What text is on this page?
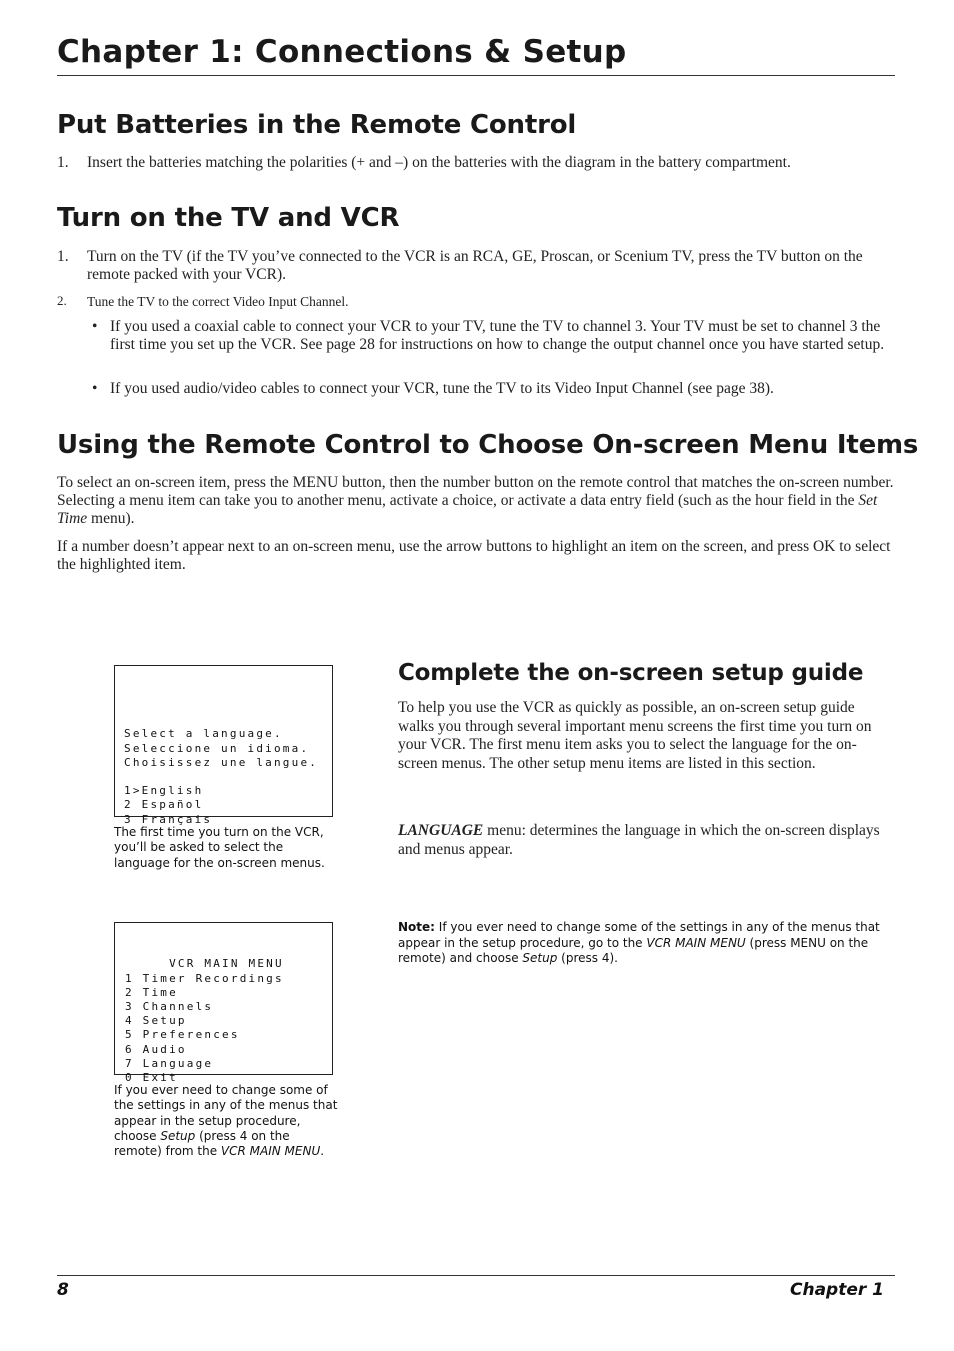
Chapter 1: Connections & Setup
Put Batteries in the Remote Control
1. Insert the batteries matching the polarities (+ and –) on the batteries with the diagram in the battery compartment.
Turn on the TV and VCR
1. Turn on the TV (if the TV you’ve connected to the VCR is an RCA, GE, Proscan, or Scenium TV, press the TV button on the remote packed with your VCR).
2. Tune the TV to the correct Video Input Channel.
• If you used a coaxial cable to connect your VCR to your TV, tune the TV to channel 3. Your TV must be set to channel 3 the first time you set up the VCR. See page 28 for instructions on how to change the output channel once you have started setup.
• If you used audio/video cables to connect your VCR, tune the TV to its Video Input Channel (see page 38).
Using the Remote Control to Choose On-screen Menu Items

To select an on-screen item, press the MENU button, then the number button on the remote control that matches the on-screen number. Selecting a menu item can take you to another menu, activate a choice, or activate a data entry field (such as the hour field in the Set Time menu).

If a number doesn’t appear next to an on-screen menu, use the arrow buttons to highlight an item on the screen, and press OK to select the highlighted item.

Select a language.
Seleccione un idioma.
Choisissez une langue.
1>English
2 Español
3 Français

The first time you turn on the VCR, you’ll be asked to select the language for the on-screen menus.

VCR MAIN MENU
1 Timer Recordings
2 Time
3 Channels
4 Setup
5 Preferences
6 Audio
7 Language
0 Exit

If you ever need to change some of the settings in any of the menus that appear in the setup procedure, choose Setup (press 4 on the remote) from the VCR MAIN MENU.
Complete the on-screen setup guide
To help you use the VCR as quickly as possible, an on-screen setup guide walks you through several important menu screens the first time you turn on your VCR. The first menu item asks you to select the language for the on-screen menus. The other setup menu items are listed in this section.
LANGUAGE menu: determines the language in which the on-screen displays and menus appear.
Note: If you ever need to change some of the settings in any of the menus that appear in the setup procedure, go to the VCR MAIN MENU (press MENU on the remote) and choose Setup (press 4).
8	Chapter 1
